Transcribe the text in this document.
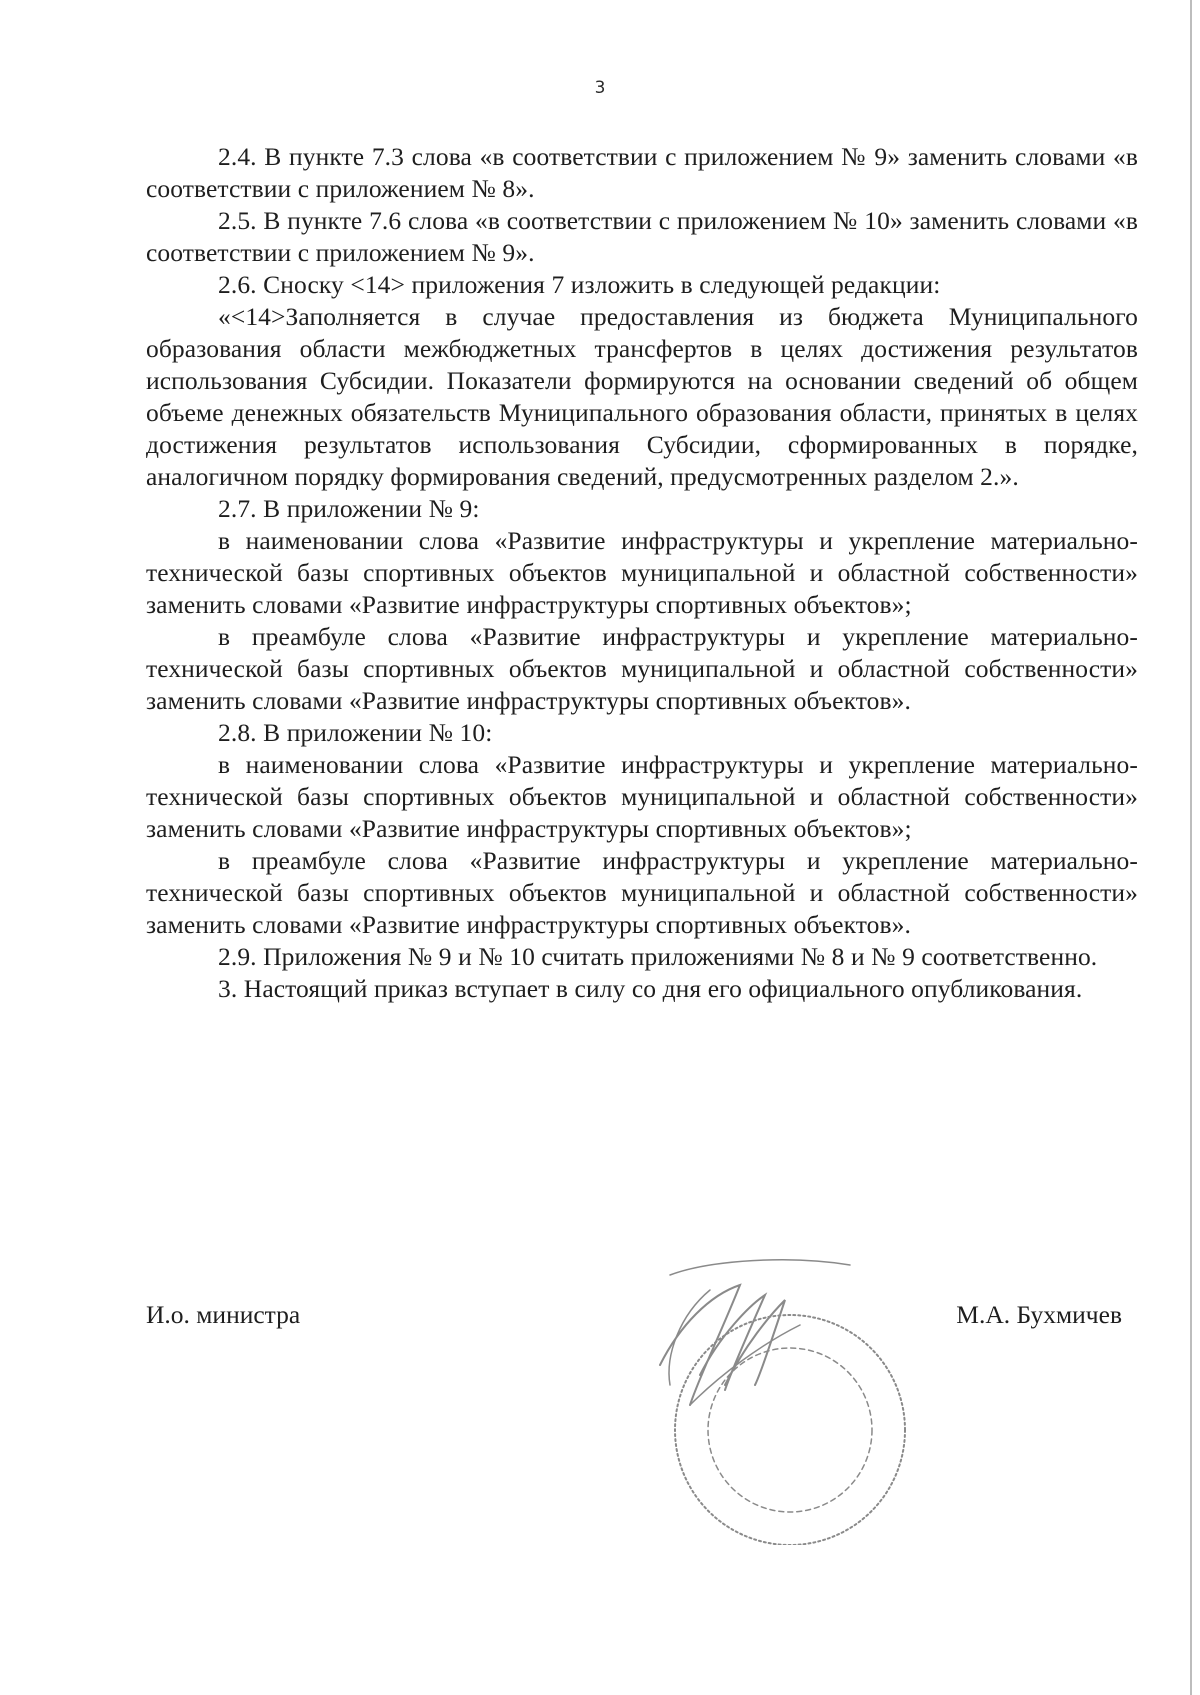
3

2.4. В пункте 7.3 слова «в соответствии с приложением № 9» заменить словами «в соответствии с приложением № 8».

2.5. В пункте 7.6 слова «в соответствии с приложением № 10» заменить словами «в соответствии с приложением № 9».

2.6. Сноску <14> приложения 7 изложить в следующей редакции:

«<14>Заполняется в случае предоставления из бюджета Муниципального образования области межбюджетных трансфертов в целях достижения результатов использования Субсидии. Показатели формируются на основании сведений об общем объеме денежных обязательств Муниципального образования области, принятых в целях достижения результатов использования Субсидии, сформированных в порядке, аналогичном порядку формирования сведений, предусмотренных разделом 2.».

2.7. В приложении № 9:

в наименовании слова «Развитие инфраструктуры и укрепление материально-технической базы спортивных объектов муниципальной и областной собственности» заменить словами «Развитие инфраструктуры спортивных объектов»;

в преамбуле слова «Развитие инфраструктуры и укрепление материально-технической базы спортивных объектов муниципальной и областной собственности» заменить словами «Развитие инфраструктуры спортивных объектов».

2.8. В приложении № 10:

в наименовании слова «Развитие инфраструктуры и укрепление материально-технической базы спортивных объектов муниципальной и областной собственности» заменить словами «Развитие инфраструктуры спортивных объектов»;

в преамбуле слова «Развитие инфраструктуры и укрепление материально-технической базы спортивных объектов муниципальной и областной собственности» заменить словами «Развитие инфраструктуры спортивных объектов».

2.9. Приложения № 9 и № 10 считать приложениями № 8 и № 9 соответственно.

3. Настоящий приказ вступает в силу со дня его официального опубликования.

И.о. министра	М.А. Бухмичев
